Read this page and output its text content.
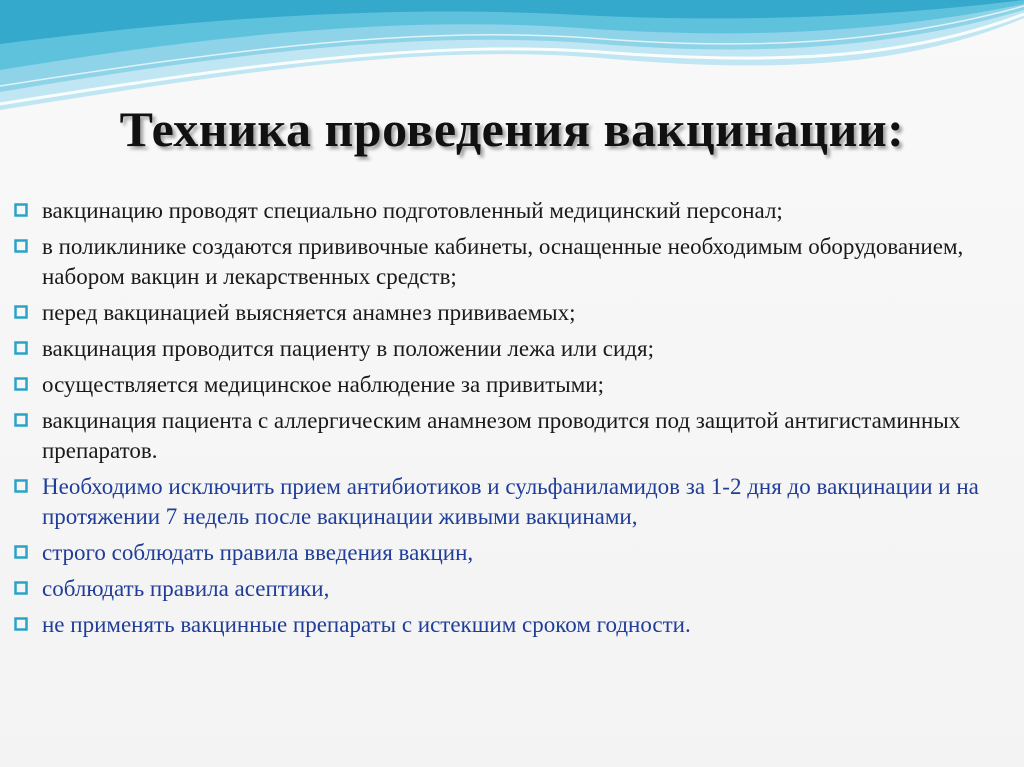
Техника проведения вакцинации:
вакцинацию проводят специально подготовленный медицинский персонал;
в поликлинике создаются прививочные кабинеты, оснащенные необходимым оборудованием, набором вакцин и лекарственных средств;
перед вакцинацией выясняется анамнез прививаемых;
вакцинация проводится пациенту в положении лежа или сидя;
осуществляется медицинское наблюдение за привитыми;
вакцинация пациента с аллергическим анамнезом проводится под защитой антигистаминных препаратов.
Необходимо исключить прием антибиотиков и сульфаниламидов за 1-2 дня до вакцинации и на протяжении 7 недель после вакцинации живыми вакцинами,
строго соблюдать правила введения вакцин,
соблюдать правила асептики,
не применять вакцинные препараты с истекшим сроком годности.
